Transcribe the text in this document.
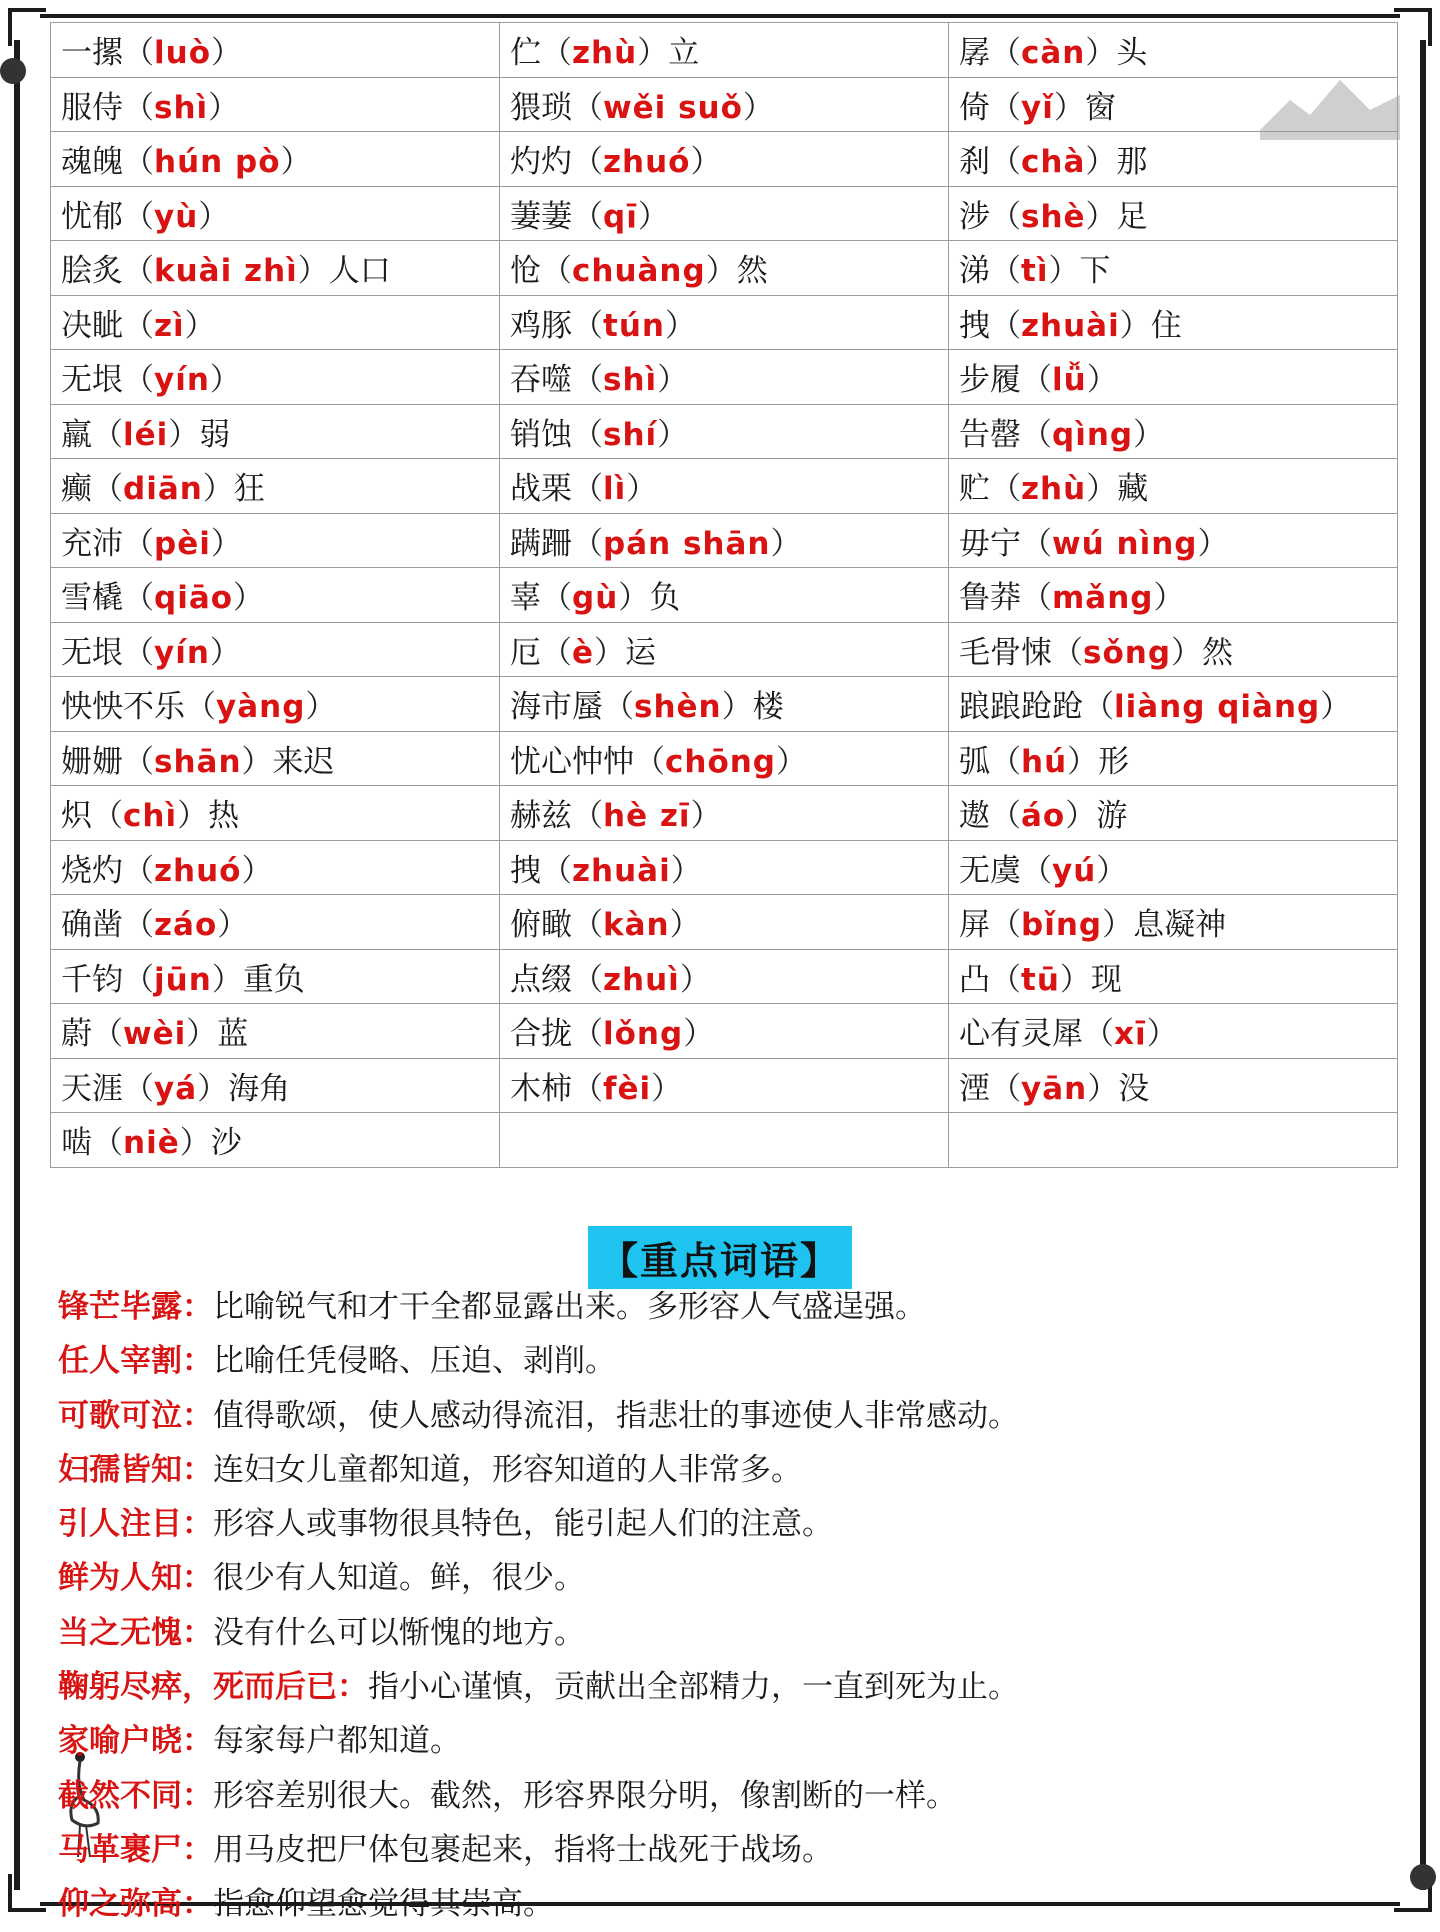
一摞（luò）	伫（zhù）立	孱（càn）头
服侍（shì）	猥琐（wěi suǒ）	倚（yǐ）窗
魂魄（hún pò）	灼灼（zhuó）	刹（chà）那
忧郁（yù）	萋萋（qī）	涉（shè）足
脍炙（kuài zhì）人口	怆（chuàng）然	涕（tì）下
决眦（zì）	鸡豚（tún）	拽（zhuài）住
无垠（yín）	吞噬（shì）	步履（lǚ）
羸（léi）弱	销蚀（shí）	告罄（qìng）
癫（diān）狂	战栗（lì）	贮（zhù）藏
充沛（pèi）	蹒跚（pán shān）	毋宁（wú nìng）
雪橇（qiāo）	辜（gù）负	鲁莽（mǎng）
无垠（yín）	厄（è）运	毛骨悚（sǒng）然
怏怏不乐（yàng）	海市蜃（shèn）楼	踉踉跄跄（liàng qiàng）
姗姗（shān）来迟	忧心忡忡（chōng）	弧（hú）形
炽（chì）热	赫兹（hè zī）	遨（áo）游
烧灼（zhuó）	拽（zhuài）	无虞（yú）
确凿（záo）	俯瞰（kàn）	屏（bǐng）息凝神
千钧（jūn）重负	点缀（zhuì）	凸（tū）现
蔚（wèi）蓝	合拢（lǒng）	心有灵犀（xī）
天涯（yá）海角	木柿（fèi）	湮（yān）没
啮（niè）沙		
【重点词语】
锋芒毕露：比喻锐气和才干全都显露出来。多形容人气盛逞强。
任人宰割：比喻任凭侵略、压迫、剥削。
可歌可泣：值得歌颂，使人感动得流泪，指悲壮的事迹使人非常感动。
妇孺皆知：连妇女儿童都知道，形容知道的人非常多。
引人注目：形容人或事物很具特色，能引起人们的注意。
鲜为人知：很少有人知道。鲜，很少。
当之无愧：没有什么可以惭愧的地方。
鞠躬尽瘁，死而后已：指小心谨慎，贡献出全部精力，一直到死为止。
家喻户晓：每家每户都知道。
截然不同：形容差别很大。截然，形容界限分明，像割断的一样。
马革裹尸：用马皮把尸体包裹起来，指将士战死于战场。
仰之弥高：指愈仰望愈觉得其崇高。
